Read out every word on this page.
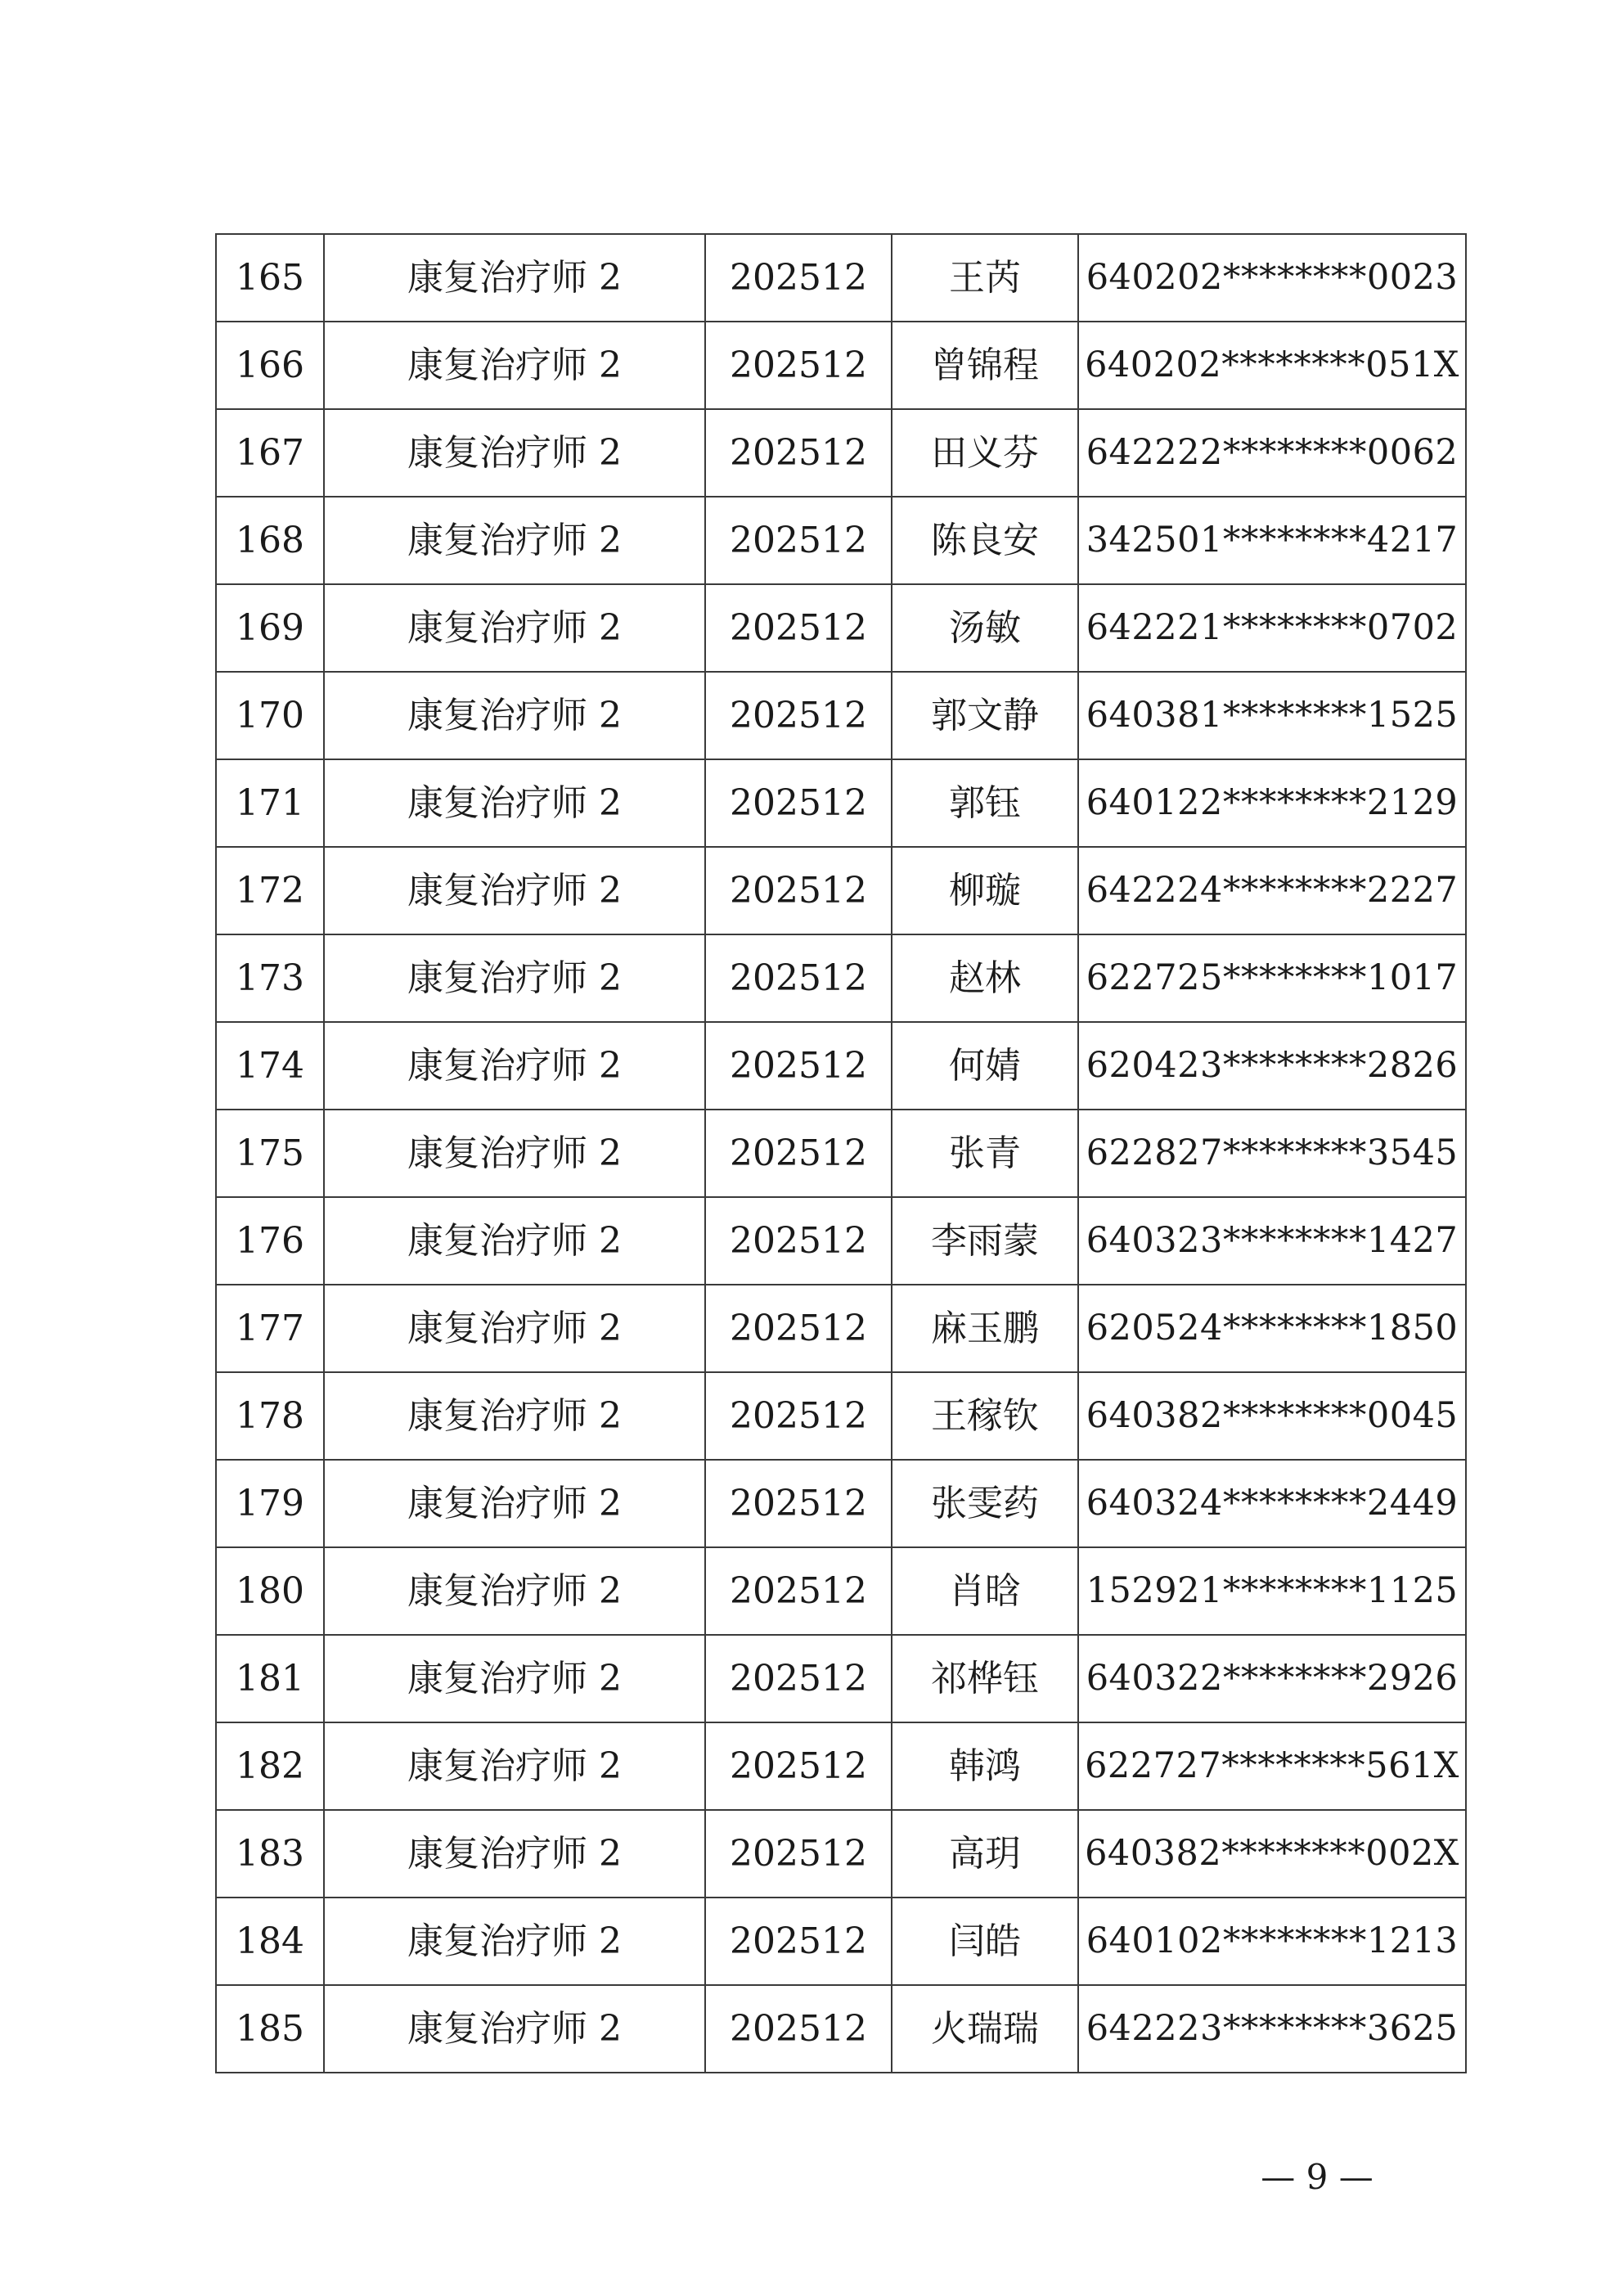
165	康复治疗师 2	202512	王芮	640202********0023
166	康复治疗师 2	202512	曾锦程	640202********051X
167	康复治疗师 2	202512	田义芬	642222********0062
168	康复治疗师 2	202512	陈良安	342501********4217
169	康复治疗师 2	202512	汤敏	642221********0702
170	康复治疗师 2	202512	郭文静	640381********1525
171	康复治疗师 2	202512	郭钰	640122********2129
172	康复治疗师 2	202512	柳璇	642224********2227
173	康复治疗师 2	202512	赵林	622725********1017
174	康复治疗师 2	202512	何婧	620423********2826
175	康复治疗师 2	202512	张青	622827********3545
176	康复治疗师 2	202512	李雨蒙	640323********1427
177	康复治疗师 2	202512	麻玉鹏	620524********1850
178	康复治疗师 2	202512	王稼钦	640382********0045
179	康复治疗师 2	202512	张雯药	640324********2449
180	康复治疗师 2	202512	肖晗	152921********1125
181	康复治疗师 2	202512	祁桦钰	640322********2926
182	康复治疗师 2	202512	韩鸿	622727********561X
183	康复治疗师 2	202512	高玥	640382********002X
184	康复治疗师 2	202512	闫皓	640102********1213
185	康复治疗师 2	202512	火瑞瑞	642223********3625
— 9 —
